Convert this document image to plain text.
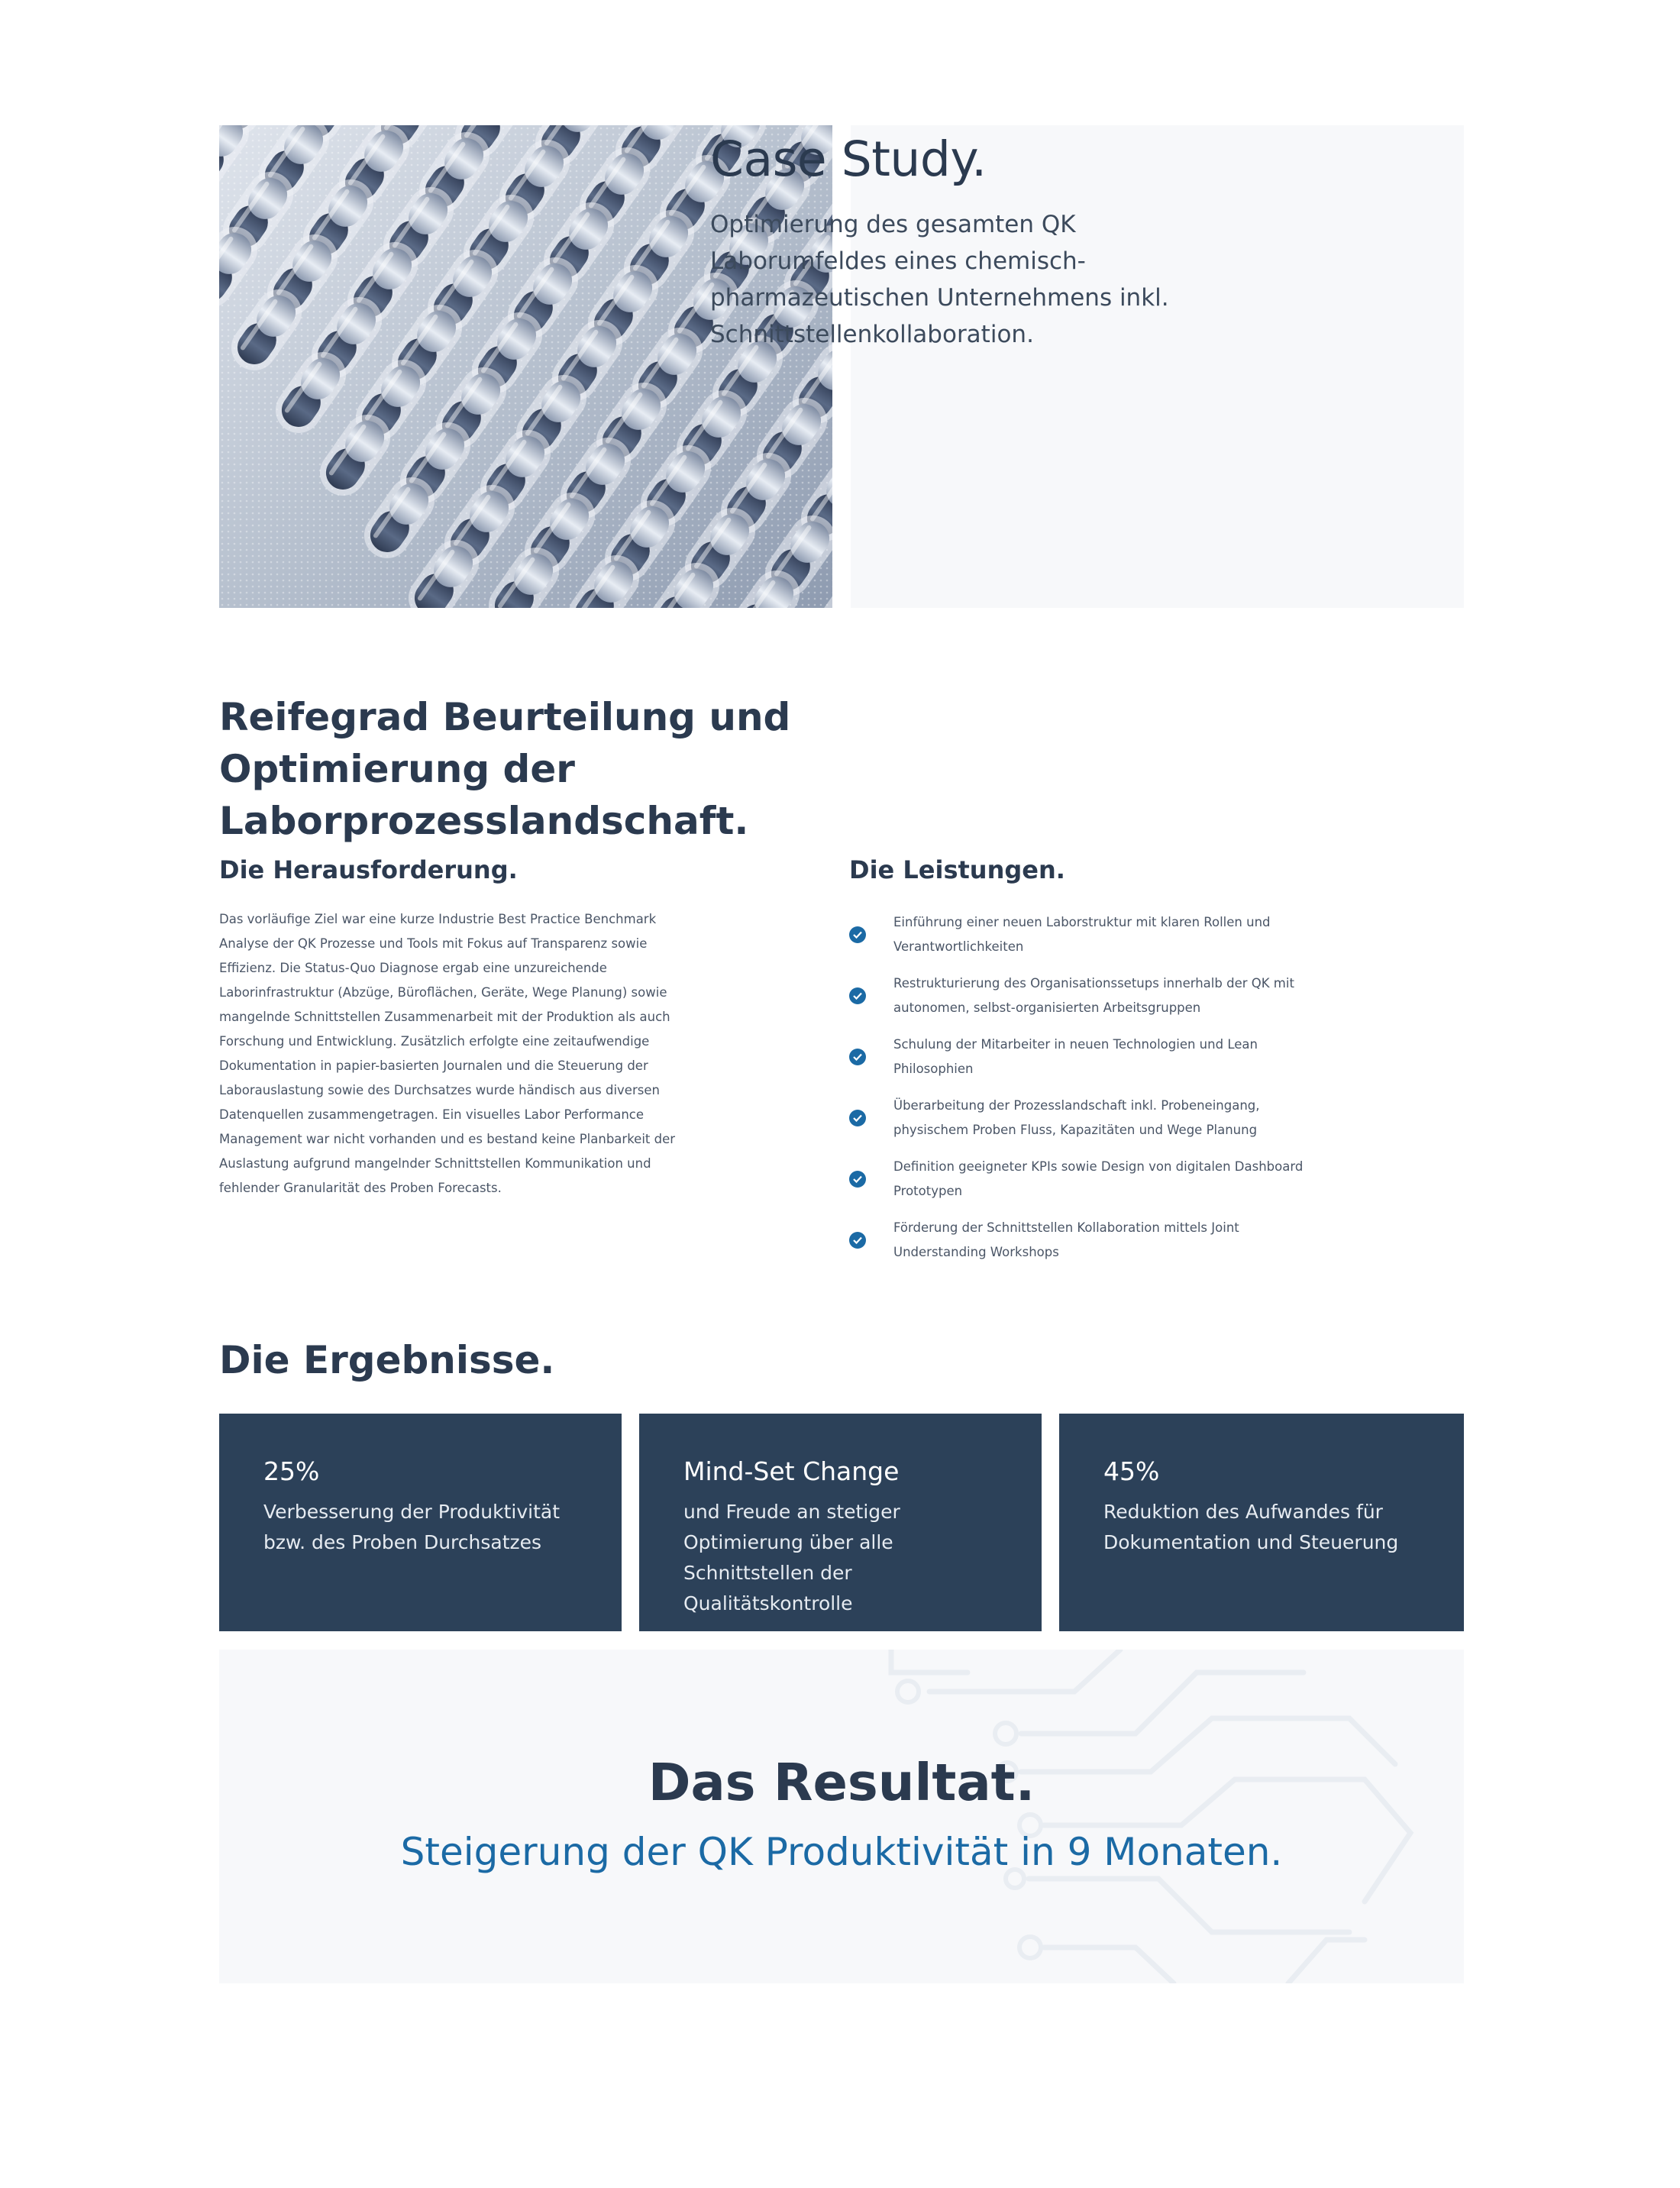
Case Study.

Optimierung des gesamten QK Laborumfeldes eines chemisch-pharmazeutischen Unternehmens inkl. Schnittstellenkollaboration.

Reifegrad Beurteilung und Optimierung der Laborprozesslandschaft.
Die Herausforderung.

Das vorläufige Ziel war eine kurze Industrie Best Practice Benchmark Analyse der QK Prozesse und Tools mit Fokus auf Transparenz sowie Effizienz. Die Status-Quo Diagnose ergab eine unzureichende Laborinfrastruktur (Abzüge, Büroflächen, Geräte, Wege Planung) sowie mangelnde Schnittstellen Zusammenarbeit mit der Produktion als auch Forschung und Entwicklung. Zusätzlich erfolgte eine zeitaufwendige Dokumentation in papier-basierten Journalen und die Steuerung der Laborauslastung sowie des Durchsatzes wurde händisch aus diversen Datenquellen zusammengetragen. Ein visuelles Labor Performance Management war nicht vorhanden und es bestand keine Planbarkeit der Auslastung aufgrund mangelnder Schnittstellen Kommunikation und fehlender Granularität des Proben Forecasts.

Die Leistungen.
Einführung einer neuen Laborstruktur mit klaren Rollen und Verantwortlichkeiten
Restrukturierung des Organisationssetups innerhalb der QK mit autonomen, selbst-organisierten Arbeitsgruppen
Schulung der Mitarbeiter in neuen Technologien und Lean Philosophien
Überarbeitung der Prozesslandschaft inkl. Probeneingang, physischem Proben Fluss, Kapazitäten und Wege Planung
Definition geeigneter KPIs sowie Design von digitalen Dashboard Prototypen
Förderung der Schnittstellen Kollaboration mittels Joint Understanding Workshops
Die Ergebnisse.
25%
Verbesserung der Produktivität bzw. des Proben Durchsatzes
Mind-Set Change
und Freude an stetiger Optimierung über alle Schnittstellen der Qualitätskontrolle
45%
Reduktion des Aufwandes für Dokumentation und Steuerung
Das Resultat.

Steigerung der QK Produktivität in 9 Monaten.
